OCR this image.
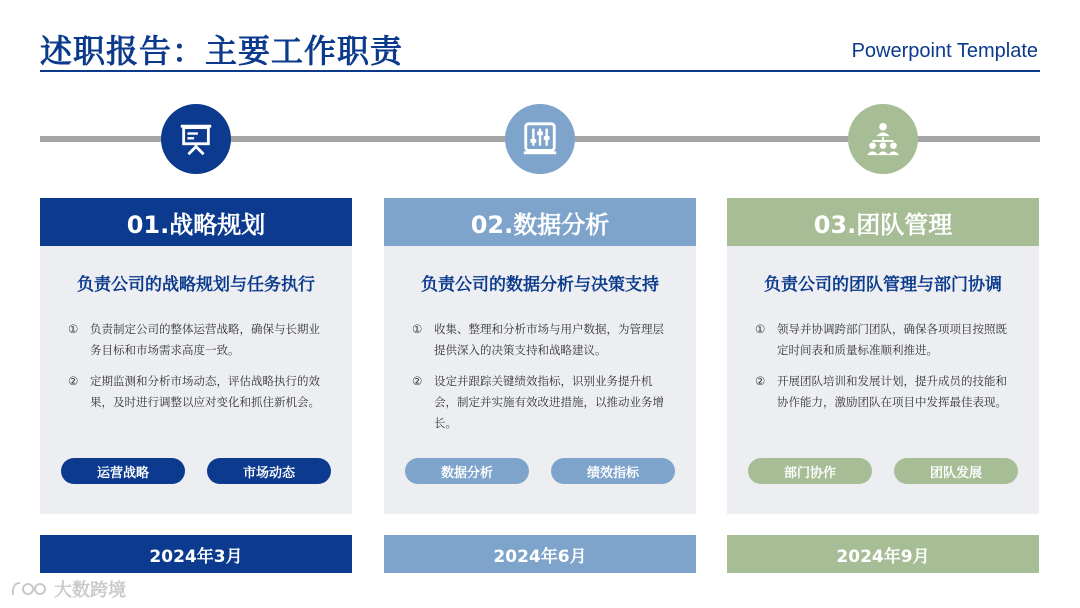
述职报告：主要工作职责	Powerpoint Template
01.战略规划
负责公司的战略规划与任务执行
①	负责制定公司的整体运营战略，确保与长期业务目标和市场需求高度一致。
②	定期监测和分析市场动态，评估战略执行的效果，及时进行调整以应对变化和抓住新机会。
运营战略	市场动态
02.数据分析
负责公司的数据分析与决策支持
①	收集、整理和分析市场与用户数据，为管理层提供深入的决策支持和战略建议。
②	设定并跟踪关键绩效指标，识别业务提升机会，制定并实施有效改进措施，以推动业务增长。
数据分析	绩效指标
03.团队管理
负责公司的团队管理与部门协调
①	领导并协调跨部门团队，确保各项项目按照既定时间表和质量标准顺利推进。
②	开展团队培训和发展计划，提升成员的技能和协作能力，激励团队在项目中发挥最佳表现。
部门协作	团队发展
2024年3月	2024年6月	2024年9月
大数跨境
